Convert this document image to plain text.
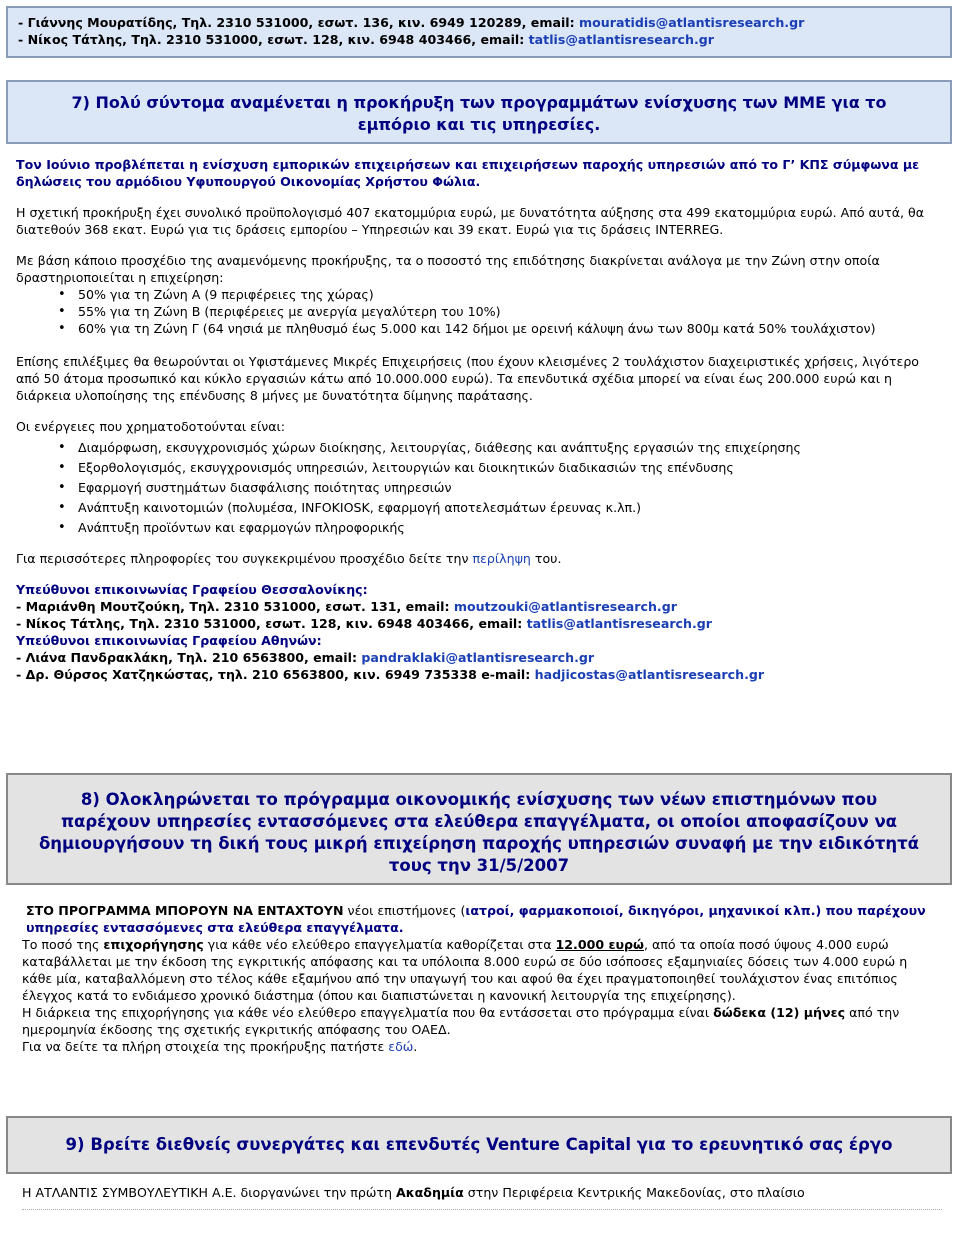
- Γιάννης Μουρατίδης, Τηλ. 2310 531000, εσωτ. 136, κιν. 6949 120289, email: mouratidis@atlantisresearch.gr
- Νίκος Τάτλης, Τηλ. 2310 531000, εσωτ. 128, κιν. 6948 403466, email: tatlis@atlantisresearch.gr
7) Πολύ σύντομα αναμένεται η προκήρυξη των προγραμμάτων ενίσχυσης των ΜΜΕ για το
εμπόριο και τις υπηρεσίες.

Τον Ιούνιο προβλέπεται η ενίσχυση εμπορικών επιχειρήσεων και επιχειρήσεων παροχής υπηρεσιών από το Γ’ ΚΠΣ σύμφωνα με δηλώσεις του αρμόδιου Υφυπουργού Οικονομίας Χρήστου Φώλια.

Η σχετική προκήρυξη έχει συνολικό προϋπολογισμό 407 εκατομμύρια ευρώ, με δυνατότητα αύξησης στα 499 εκατομμύρια ευρώ. Από αυτά, θα διατεθούν 368 εκατ. Ευρώ για τις δράσεις εμπορίου – Υπηρεσιών και 39 εκατ. Ευρώ για τις δράσεις INTERREG.

Με βάση κάποιο προσχέδιο της αναμενόμενης προκήρυξης, τα ο ποσοστό της επιδότησης διακρίνεται ανάλογα με την Ζώνη στην οποία δραστηριοποιείται η επιχείρηση:
• 50% για τη Ζώνη Α (9 περιφέρειες της χώρας)
• 55% για τη Ζώνη Β (περιφέρειες με ανεργία μεγαλύτερη του 10%)
• 60% για τη Ζώνη Γ (64 νησιά με πληθυσμό έως 5.000 και 142 δήμοι με ορεινή κάλυψη άνω των 800μ κατά 50% τουλάχιστον)

Επίσης επιλέξιμες θα θεωρούνται οι Υφιστάμενες Μικρές Επιχειρήσεις (που έχουν κλεισμένες 2 τουλάχιστον διαχειριστικές χρήσεις, λιγότερο από 50 άτομα προσωπικό και κύκλο εργασιών κάτω από 10.000.000 ευρώ). Τα επενδυτικά σχέδια μπορεί να είναι έως 200.000 ευρώ και η διάρκεια υλοποίησης της επένδυσης 8 μήνες με δυνατότητα δίμηνης παράτασης.

Οι ενέργειες που χρηματοδοτούνται είναι:
• Διαμόρφωση, εκσυγχρονισμός χώρων διοίκησης, λειτουργίας, διάθεσης και ανάπτυξης εργασιών της επιχείρησης
• Εξορθολογισμός, εκσυγχρονισμός υπηρεσιών, λειτουργιών και διοικητικών διαδικασιών της επένδυσης
• Εφαρμογή συστημάτων διασφάλισης ποιότητας υπηρεσιών
• Ανάπτυξη καινοτομιών (πολυμέσα, INFOKIOSK, εφαρμογή αποτελεσμάτων έρευνας κ.λπ.)
• Ανάπτυξη προϊόντων και εφαρμογών πληροφορικής

Για περισσότερες πληροφορίες του συγκεκριμένου προσχέδιο δείτε την περίληψη του.

Υπεύθυνοι επικοινωνίας Γραφείου Θεσσαλονίκης:
- Μαριάνθη Μουτζούκη, Τηλ. 2310 531000, εσωτ. 131, email: moutzouki@atlantisresearch.gr
- Νίκος Τάτλης, Τηλ. 2310 531000, εσωτ. 128, κιν. 6948 403466, email: tatlis@atlantisresearch.gr
Υπεύθυνοι επικοινωνίας Γραφείου Αθηνών:
- Λιάνα Πανδρακλάκη, Τηλ. 210 6563800, email: pandraklaki@atlantisresearch.gr
- Δρ. Θύρσος Χατζηκώστας, τηλ. 210 6563800, κιν. 6949 735338 e-mail: hadjicostas@atlantisresearch.gr
8) Ολοκληρώνεται το πρόγραμμα οικονομικής ενίσχυσης των νέων επιστημόνων που
παρέχουν υπηρεσίες εντασσόμενες στα ελεύθερα επαγγέλματα, οι οποίοι αποφασίζουν να
δημιουργήσουν τη δική τους μικρή επιχείρηση παροχής υπηρεσιών συναφή με την ειδικότητά
τους την 31/5/2007
ΣΤΟ ΠΡΟΓΡΑΜΜΑ ΜΠΟΡΟΥΝ ΝΑ ΕΝΤΑΧΤΟΥΝ νέοι επιστήμονες (ιατροί, φαρμακοποιοί, δικηγόροι, μηχανικοί κλπ.) που παρέχουν υπηρεσίες εντασσόμενες στα ελεύθερα επαγγέλματα.
Το ποσό της επιχορήγησης για κάθε νέο ελεύθερο επαγγελματία καθορίζεται στα 12.000 ευρώ, από τα οποία ποσό ύψους 4.000 ευρώ καταβάλλεται με την έκδοση της εγκριτικής απόφασης και τα υπόλοιπα 8.000 ευρώ σε δύο ισόποσες εξαμηνιαίες δόσεις των 4.000 ευρώ η κάθε μία, καταβαλλόμενη στο τέλος κάθε εξαμήνου από την υπαγωγή του και αφού θα έχει πραγματοποιηθεί τουλάχιστον ένας επιτόπιος έλεγχος κατά το ενδιάμεσο χρονικό διάστημα (όπου και διαπιστώνεται η κανονική λειτουργία της επιχείρησης).
Η διάρκεια της επιχορήγησης για κάθε νέο ελεύθερο επαγγελματία που θα εντάσσεται στο πρόγραμμα είναι δώδεκα (12) μήνες από την ημερομηνία έκδοσης της σχετικής εγκριτικής απόφασης του ΟΑΕΔ.
Για να δείτε τα πλήρη στοιχεία της προκήρυξης πατήστε εδώ.
9) Βρείτε διεθνείς συνεργάτες και επενδυτές Venture Capital για το ερευνητικό σας έργο
Η ΑΤΛΑΝΤΙΣ ΣΥΜΒΟΥΛΕΥΤΙΚΗ Α.Ε. διοργανώνει την πρώτη Ακαδημία στην Περιφέρεια Κεντρικής Μακεδονίας, στο πλαίσιο
